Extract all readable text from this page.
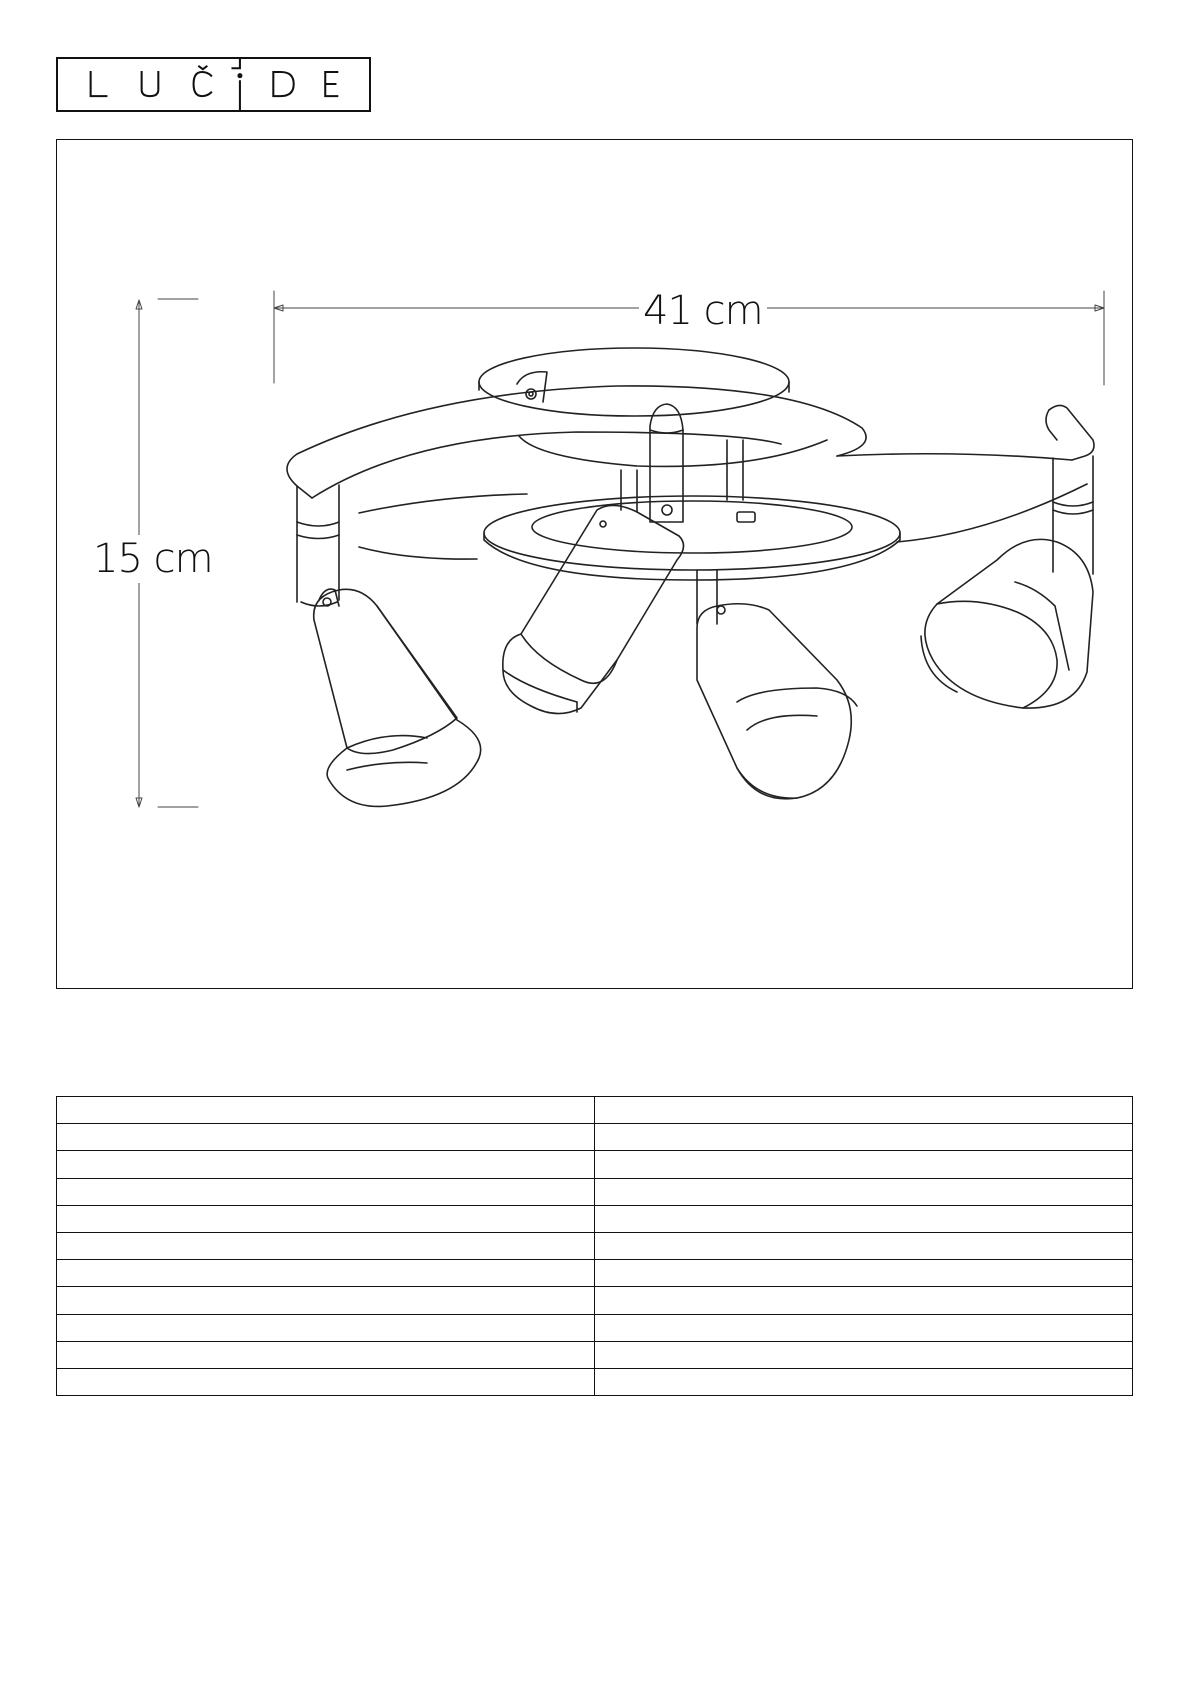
41 cm
15 cm
